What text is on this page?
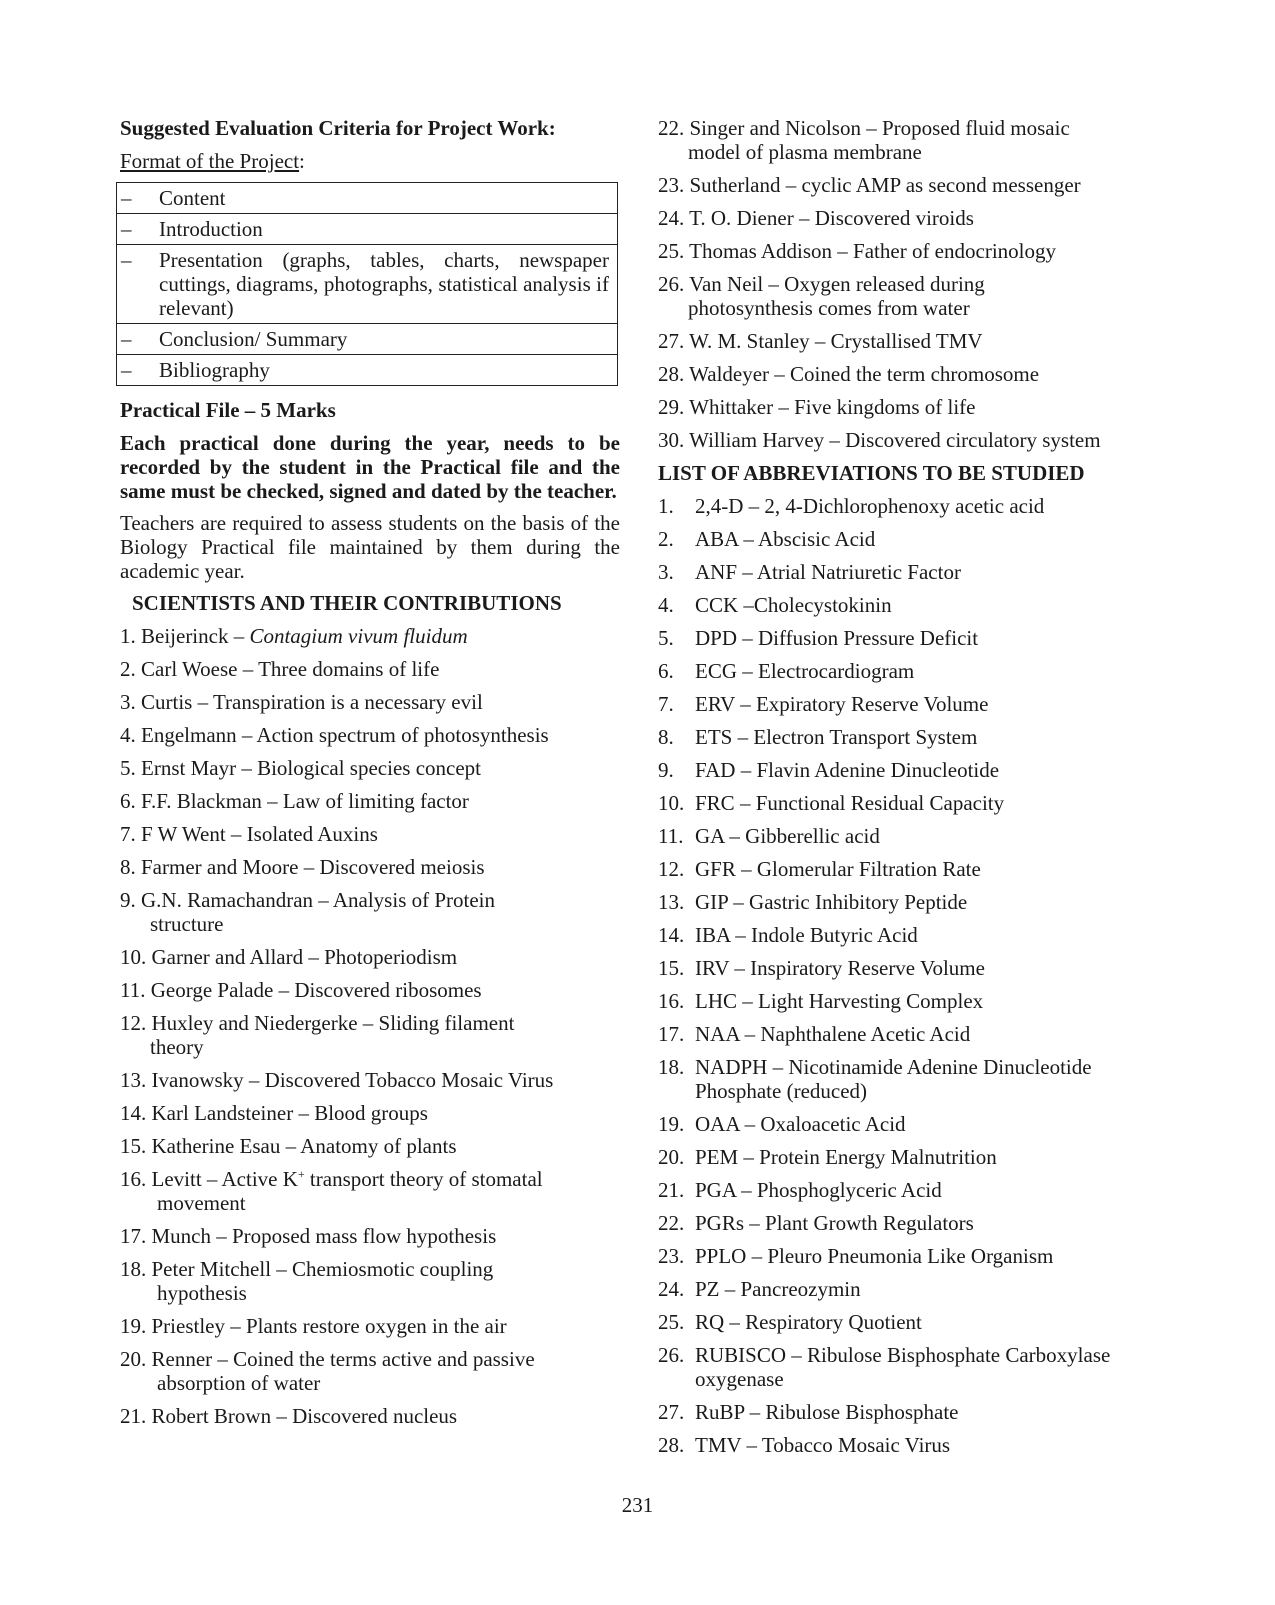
Suggested Evaluation Criteria for Project Work:
Format of the Project:
–	Content
–	Introduction
–	Presentation (graphs, tables, charts, newspaper cuttings, diagrams, photographs, statistical analysis if relevant)
–	Conclusion/ Summary
–	Bibliography
Practical File – 5 Marks
Each practical done during the year, needs to be recorded by the student in the Practical file and the same must be checked, signed and dated by the teacher.
Teachers are required to assess students on the basis of the Biology Practical file maintained by them during the academic year.
SCIENTISTS AND THEIR CONTRIBUTIONS
1. Beijerinck – Contagium vivum fluidum
2. Carl Woese – Three domains of life
3. Curtis – Transpiration is a necessary evil
4. Engelmann – Action spectrum of photosynthesis
5. Ernst Mayr – Biological species concept
6. F.F. Blackman – Law of limiting factor
7. F W Went – Isolated Auxins
8. Farmer and Moore – Discovered meiosis
9. G.N. Ramachandran – Analysis of Protein
structure
10. Garner and Allard – Photoperiodism
11. George Palade – Discovered ribosomes
12. Huxley and Niedergerke – Sliding filament
theory
13. Ivanowsky – Discovered Tobacco Mosaic Virus
14. Karl Landsteiner – Blood groups
15. Katherine Esau – Anatomy of plants
16. Levitt – Active K+ transport theory of stomatal
movement
17. Munch – Proposed mass flow hypothesis
18. Peter Mitchell – Chemiosmotic coupling
hypothesis
19. Priestley – Plants restore oxygen in the air
20. Renner – Coined the terms active and passive
absorption of water
21. Robert Brown – Discovered nucleus
22. Singer and Nicolson – Proposed fluid mosaic
model of plasma membrane
23. Sutherland – cyclic AMP as second messenger
24. T. O. Diener – Discovered viroids
25. Thomas Addison – Father of endocrinology
26. Van Neil – Oxygen released during
photosynthesis comes from water
27. W. M. Stanley – Crystallised TMV
28. Waldeyer – Coined the term chromosome
29. Whittaker – Five kingdoms of life
30. William Harvey – Discovered circulatory system
LIST OF ABBREVIATIONS TO BE STUDIED
1.	2,4-D – 2, 4-Dichlorophenoxy acetic acid
2.	ABA – Abscisic Acid
3.	ANF – Atrial Natriuretic Factor
4.	CCK –Cholecystokinin
5.	DPD – Diffusion Pressure Deficit
6.	ECG – Electrocardiogram
7.	ERV – Expiratory Reserve Volume
8.	ETS – Electron Transport System
9.	FAD – Flavin Adenine Dinucleotide
10. FRC – Functional Residual Capacity
11. GA – Gibberellic acid
12. GFR – Glomerular Filtration Rate
13. GIP – Gastric Inhibitory Peptide
14. IBA – Indole Butyric Acid
15. IRV – Inspiratory Reserve Volume
16. LHC – Light Harvesting Complex
17. NAA – Naphthalene Acetic Acid
18. NADPH – Nicotinamide Adenine Dinucleotide
Phosphate (reduced)
19. OAA – Oxaloacetic Acid
20. PEM – Protein Energy Malnutrition
21. PGA – Phosphoglyceric Acid
22. PGRs – Plant Growth Regulators
23. PPLO – Pleuro Pneumonia Like Organism
24. PZ – Pancreozymin
25. RQ – Respiratory Quotient
26. RUBISCO – Ribulose Bisphosphate Carboxylase
oxygenase
27. RuBP – Ribulose Bisphosphate
28. TMV – Tobacco Mosaic Virus
231
